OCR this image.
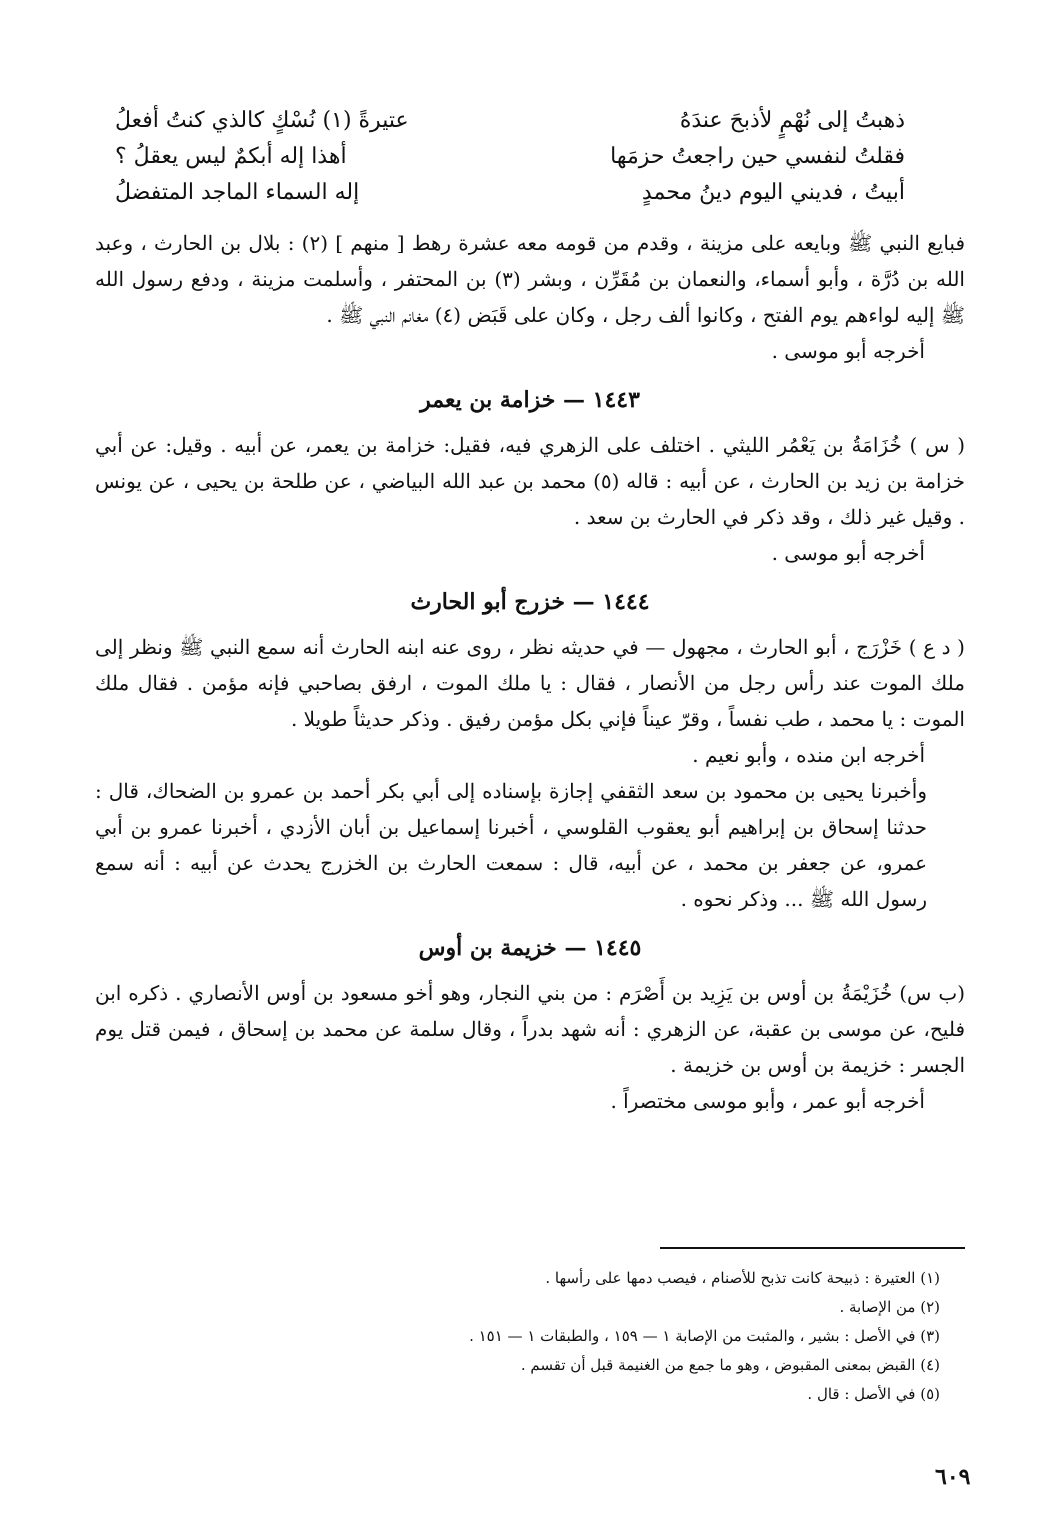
ذهبتُ إلى نُهْمٍ لأذبحَ عندَهُ
عتيرةً (١) نُسْكٍ كالذي كنتُ أفعلُ
فقلتُ لنفسي حين راجعتُ حزمَها
أهذا إله أبكمٌ ليس يعقلُ ؟
أبيتُ ، فديني اليوم دينُ محمدٍ
إله السماء الماجد المتفضلُ

فبايع النبي ﷺ وبايعه على مزينة ، وقدم من قومه معه عشرة رهط [ منهم ] (٢) : بلال بن الحارث ، وعبد الله بن دُرَّة ، وأبو أسماء، والنعمان بن مُقَرِّن ، وبشر (٣) بن المحتفر ، وأسلمت مزينة ، ودفع رسول الله ﷺ إليه لواءهم يوم الفتح ، وكانوا ألف رجل ، وكان على قَبَض (٤) مغانم النبي ﷺ .

أخرجه أبو موسى .

١٤٤٣ — خزامة بن يعمر

( س ) خُزَامَةُ بن يَعْمُر الليثي . اختلف على الزهري فيه، فقيل: خزامة بن يعمر، عن أبيه . وقيل: عن أبي خزامة بن زيد بن الحارث ، عن أبيه : قاله (٥) محمد بن عبد الله البياضي ، عن طلحة بن يحيى ، عن يونس . وقيل غير ذلك ، وقد ذكر في الحارث بن سعد .

أخرجه أبو موسى .

١٤٤٤ — خزرج أبو الحارث

( د ع ) خَزْرَج ، أبو الحارث ، مجهول — في حديثه نظر ، روى عنه ابنه الحارث أنه سمع النبي ﷺ ونظر إلى ملك الموت عند رأس رجل من الأنصار ، فقال : يا ملك الموت ، ارفق بصاحبي فإنه مؤمن . فقال ملك الموت : يا محمد ، طب نفساً ، وقرّ عيناً فإني بكل مؤمن رفيق . وذكر حديثاً طويلا .

أخرجه ابن منده ، وأبو نعيم .

وأخبرنا يحيى بن محمود بن سعد الثقفي إجازة بإسناده إلى أبي بكر أحمد بن عمرو بن الضحاك، قال : حدثنا إسحاق بن إبراهيم أبو يعقوب القلوسي ، أخبرنا إسماعيل بن أبان الأزدي ، أخبرنا عمرو بن أبي عمرو، عن جعفر بن محمد ، عن أبيه، قال : سمعت الحارث بن الخزرج يحدث عن أبيه : أنه سمع رسول الله ﷺ ... وذكر نحوه .

١٤٤٥ — خزيمة بن أوس

(ب س) خُزَيْمَةُ بن أوس بن يَزِيد بن أَصْرَم : من بني النجار، وهو أخو مسعود بن أوس الأنصاري . ذكره ابن فليح، عن موسى بن عقبة، عن الزهري : أنه شهد بدراً ، وقال سلمة عن محمد بن إسحاق ، فيمن قتل يوم الجسر : خزيمة بن أوس بن خزيمة .

أخرجه أبو عمر ، وأبو موسى مختصراً .

(١) العتيرة : ذبيحة كانت تذبح للأصنام ، فيصب دمها على رأسها .
(٢) من الإصابة .
(٣) في الأصل : بشير ، والمثبت من الإصابة ١ — ١٥٩ ، والطبقات ١ — ١٥١ .
(٤) القبض بمعنى المقبوض ، وهو ما جمع من الغنيمة قبل أن تقسم .
(٥) في الأصل : قال .
٦٠٩
